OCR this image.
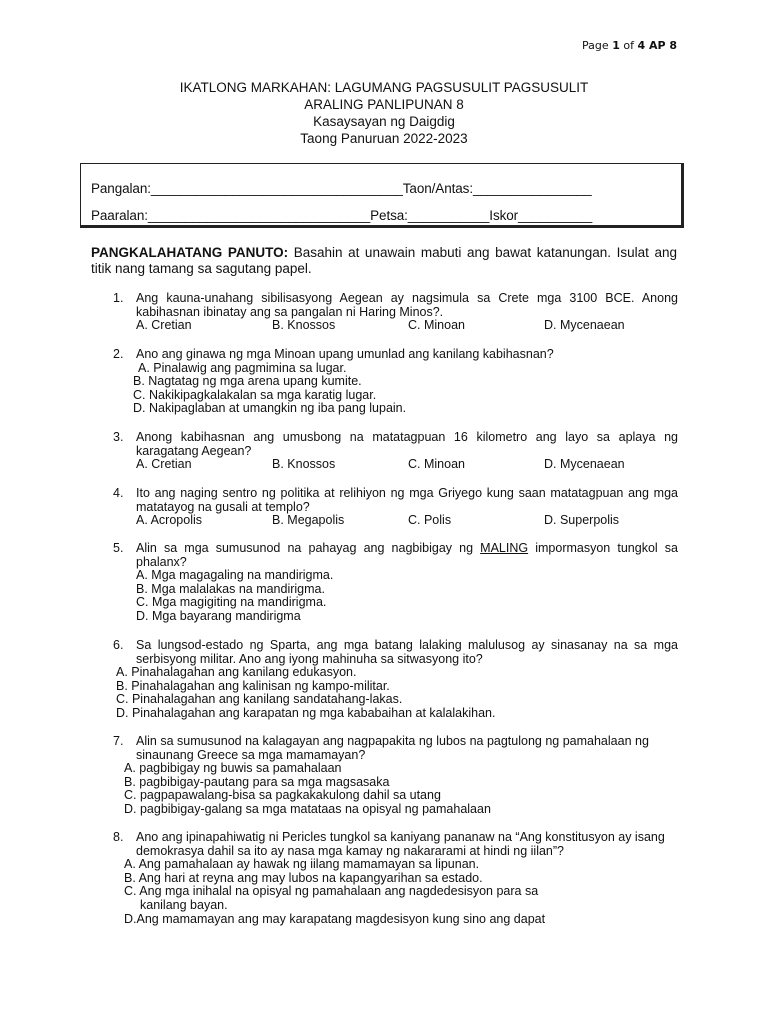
Page 1 of 4 AP 8
IKATLONG MARKAHAN: LAGUMANG PAGSUSULIT PAGSUSULIT
ARALING PANLIPUNAN 8
Kasaysayan ng Daigdig
Taong Panuruan 2022-2023
Pangalan:__________________________________Taon/Antas:________________
Paaralan:______________________________Petsa:___________Iskor__________
PANGKALAHATANG PANUTO: Basahin at unawain mabuti ang bawat katanungan. Isulat ang titik nang tamang sa sagutang papel.
1. Ang kauna-unahang sibilisasyong Aegean ay nagsimula sa Crete mga 3100 BCE. Anong kabihasnan ibinatay ang sa pangalan ni Haring Minos?.
A. Cretian	B. Knossos	C. Minoan	D. Mycenaean
2. Ano ang ginawa ng mga Minoan upang umunlad ang kanilang kabihasnan?
A. Pinalawig ang pagmimina sa lugar.
B. Nagtatag ng mga arena upang kumite.
C. Nakikipagkalakalan sa mga karatig lugar.
D. Nakipaglaban at umangkin ng iba pang lupain.
3. Anong kabihasnan ang umusbong na matatagpuan 16 kilometro ang layo sa aplaya ng karagatang Aegean?
A. Cretian	B. Knossos	C. Minoan	D. Mycenaean
4. Ito ang naging sentro ng politika at relihiyon ng mga Griyego kung saan matatagpuan ang mga matatayog na gusali at templo?
A. Acropolis	B. Megapolis	C. Polis	D. Superpolis
5. Alin sa mga sumusunod na pahayag ang nagbibigay ng MALING impormasyon tungkol sa phalanx?
A. Mga magagaling na mandirigma.
B. Mga malalakas na mandirigma.
C. Mga magigiting na mandirigma.
D. Mga bayarang mandirigma
6. Sa lungsod-estado ng Sparta, ang mga batang lalaking malulusog ay sinasanay na sa mga serbisyong militar. Ano ang iyong mahinuha sa sitwasyong ito?
A. Pinahalagahan ang kanilang edukasyon.
B. Pinahalagahan ang kalinisan ng kampo-militar.
C. Pinahalagahan ang kanilang sandatahang-lakas.
D. Pinahalagahan ang karapatan ng mga kababaihan at kalalakihan.
7. Alin sa sumusunod na kalagayan ang nagpapakita ng lubos na pagtulong ng pamahalaan ng sinaunang Greece sa mga mamamayan?
A. pagbibigay ng buwis sa pamahalaan
B. pagbibigay-pautang para sa mga magsasaka
C. pagpapawalang-bisa sa pagkakakulong dahil sa utang
D. pagbibigay-galang sa mga matataas na opisyal ng pamahalaan
8. Ano ang ipinapahiwatig ni Pericles tungkol sa kaniyang pananaw na “Ang konstitusyon ay isang demokrasya dahil sa ito ay nasa mga kamay ng nakararami at hindi ng iilan”?
A. Ang pamahalaan ay hawak ng iilang mamamayan sa lipunan.
B. Ang hari at reyna ang may lubos na kapangyarihan sa estado.
C. Ang mga inihalal na opisyal ng pamahalaan ang nagdedesisyon para sa
kanilang bayan.
D.Ang mamamayan ang may karapatang magdesisyon kung sino ang dapat
